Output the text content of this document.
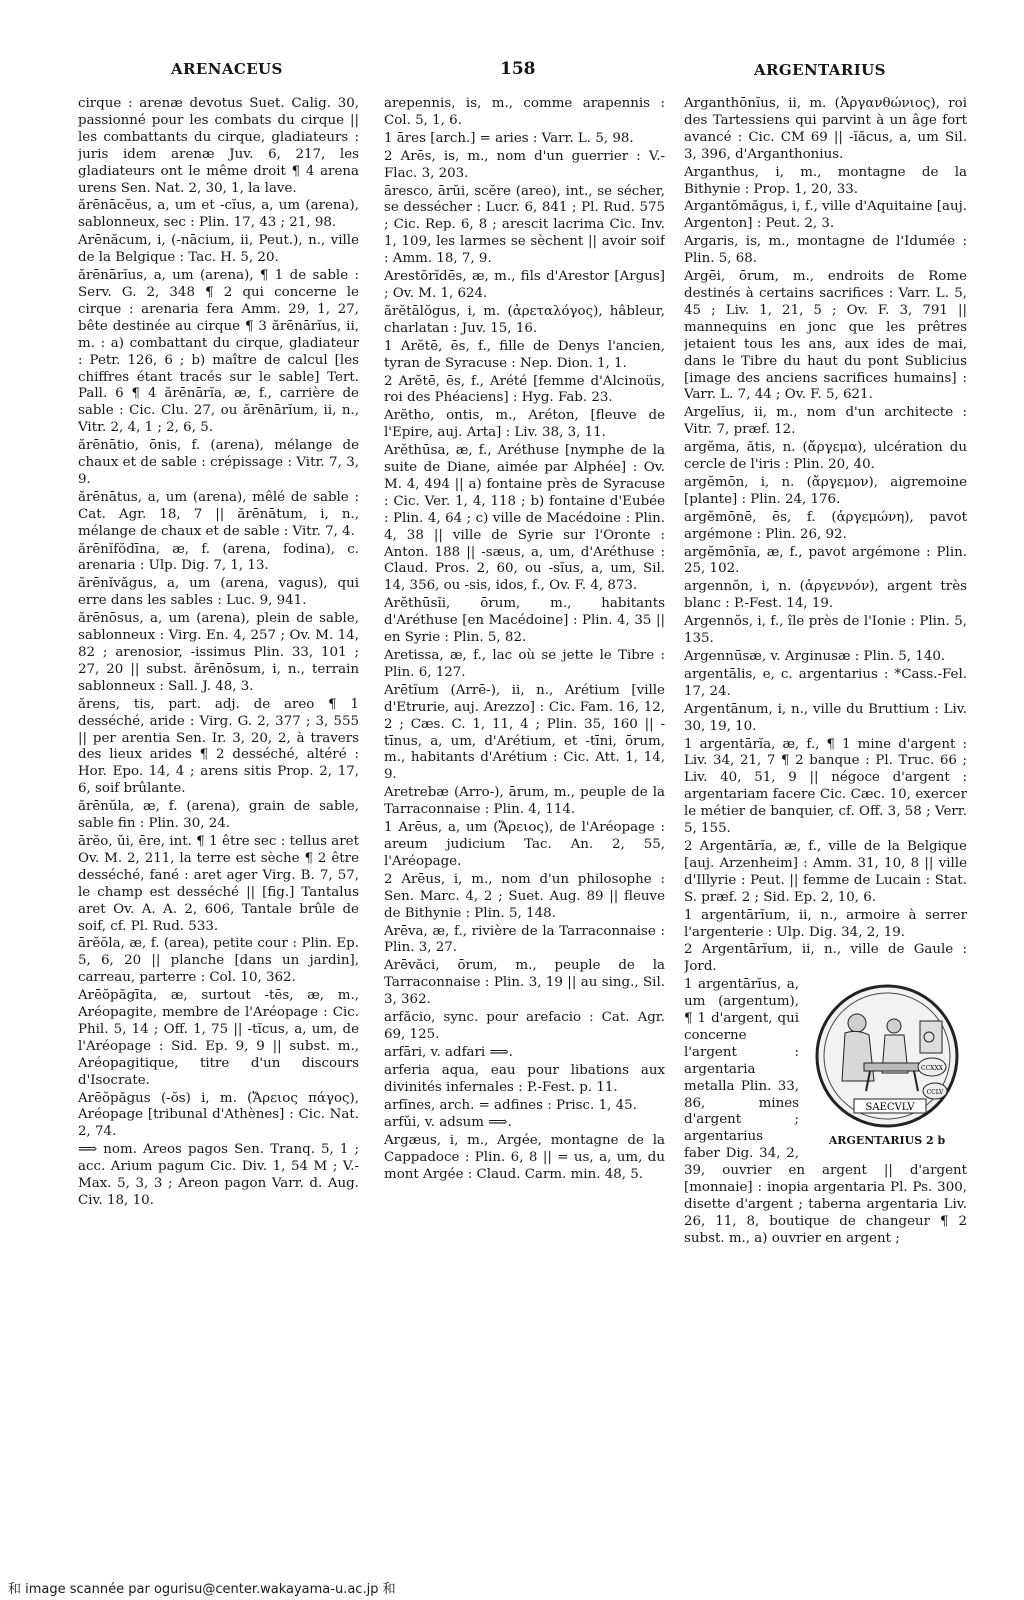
ARENACEUS	158	ARGENTARIUS

cirque : arenæ devotus Suet. Calig. 30, passionné pour les combats du cirque || les combattants du cirque, gladiateurs : juris idem arenæ Juv. 6, 217, les gladiateurs ont le même droit ¶ 4 arena urens Sen. Nat. 2, 30, 1, la lave.

ărēnācĕus, a, um et -cĭus, a, um (arena), sablonneux, sec : Plin. 17, 43 ; 21, 98.

Arēnăcum, i, (-nācium, ii, Peut.), n., ville de la Belgique : Tac. H. 5, 20.

ărēnārĭus, a, um (arena), ¶ 1 de sable : Serv. G. 2, 348 ¶ 2 qui concerne le cirque : arenaria fera Amm. 29, 1, 27, bête destinée au cirque ¶ 3 ărēnārĭus, ii, m. : a) combattant du cirque, gladiateur : Petr. 126, 6 ; b) maître de calcul [les chiffres étant tracés sur le sable] Tert. Pall. 6 ¶ 4 ărēnārĭa, æ, f., carrière de sable : Cic. Clu. 27, ou ărēnārĭum, ii, n., Vitr. 2, 4, 1 ; 2, 6, 5.

ărēnātio, ōnis, f. (arena), mélange de chaux et de sable : crépissage : Vitr. 7, 3, 9.

ărēnātus, a, um (arena), mêlé de sable : Cat. Agr. 18, 7 || ărēnātum, i, n., mélange de chaux et de sable : Vitr. 7, 4.

ărēnĭfŏdīna, æ, f. (arena, fodina), c. arenaria : Ulp. Dig. 7, 1, 13.

ărēnĭvăgus, a, um (arena, vagus), qui erre dans les sables : Luc. 9, 941.

ărēnōsus, a, um (arena), plein de sable, sablonneux : Virg. En. 4, 257 ; Ov. M. 14, 82 ; arenosior, -issimus Plin. 33, 101 ; 27, 20 || subst. ărēnōsum, i, n., terrain sablonneux : Sall. J. 48, 3.

ărens, tis, part. adj. de areo ¶ 1 desséché, aride : Virg. G. 2, 377 ; 3, 555 || per arentia Sen. Ir. 3, 20, 2, à travers des lieux arides ¶ 2 desséché, altéré : Hor. Epo. 14, 4 ; arens sitis Prop. 2, 17, 6, soif brûlante.

ărēnŭla, æ, f. (arena), grain de sable, sable fin : Plin. 30, 24.

ārĕo, ŭi, ēre, int. ¶ 1 être sec : tellus aret Ov. M. 2, 211, la terre est sèche ¶ 2 être desséché, fané : aret ager Virg. B. 7, 57, le champ est desséché || [fig.] Tantalus aret Ov. A. A. 2, 606, Tantale brûle de soif, cf. Pl. Rud. 533.

ārĕŏla, æ, f. (area), petite cour : Plin. Ep. 5, 6, 20 || planche [dans un jardin], carreau, parterre : Col. 10, 362.

Arēŏpăgīta, æ, surtout -tēs, æ, m., Aréopagite, membre de l'Aréopage : Cic. Phil. 5, 14 ; Off. 1, 75 || -tĭcus, a, um, de l'Aréopage : Sid. Ep. 9, 9 || subst. m., Aréopagitique, titre d'un discours d'Isocrate.

Arēŏpăgus (-ŏs) i, m. (Ἄρειος πάγος), Aréopage [tribunal d'Athènes] : Cic. Nat. 2, 74.

⟹ nom. Areos pagos Sen. Tranq. 5, 1 ; acc. Arium pagum Cic. Div. 1, 54 M ; V.-Max. 5, 3, 3 ; Areon pagon Varr. d. Aug. Civ. 18, 10.

arepennis, is, m., comme arapennis : Col. 5, 1, 6.

1 āres [arch.] = aries : Varr. L. 5, 98.

2 Arēs, is, m., nom d'un guerrier : V.-Flac. 3, 203.

āresco, ārŭi, scĕre (areo), int., se sécher, se dessécher : Lucr. 6, 841 ; Pl. Rud. 575 ; Cic. Rep. 6, 8 ; arescit lacrima Cic. Inv. 1, 109, les larmes se sèchent || avoir soif : Amm. 18, 7, 9.

Arestŏrĭdēs, æ, m., fils d'Arestor [Argus] ; Ov. M. 1, 624.

ărĕtālŏgus, i, m. (ἀρεταλόγος), hâbleur, charlatan : Juv. 15, 16.

1 Arĕtē, ēs, f., fille de Denys l'ancien, tyran de Syracuse : Nep. Dion. 1, 1.

2 Arĕtē, ēs, f., Arété [femme d'Alcinoüs, roi des Phéaciens] : Hyg. Fab. 23.

Arĕtho, ontis, m., Aréton, [fleuve de l'Epire, auj. Arta] : Liv. 38, 3, 11.

Arĕthūsa, æ, f., Aréthuse [nymphe de la suite de Diane, aimée par Alphée] : Ov. M. 4, 494 || a) fontaine près de Syracuse : Cic. Ver. 1, 4, 118 ; b) fontaine d'Eubée : Plin. 4, 64 ; c) ville de Macédoine : Plin. 4, 38 || ville de Syrie sur l'Oronte : Anton. 188 || -sæus, a, um, d'Aréthuse : Claud. Pros. 2, 60, ou -sĭus, a, um, Sil. 14, 356, ou -sis, idos, f., Ov. F. 4, 873.

Arĕthūsĭi, ōrum, m., habitants d'Aréthuse [en Macédoine] : Plin. 4, 35 || en Syrie : Plin. 5, 82.

Aretissa, æ, f., lac où se jette le Tibre : Plin. 6, 127.

Arētĭum (Arrē-), ii, n., Arétium [ville d'Etrurie, auj. Arezzo] : Cic. Fam. 16, 12, 2 ; Cæs. C. 1, 11, 4 ; Plin. 35, 160 || -tīnus, a, um, d'Arétium, et -tīni, ōrum, m., habitants d'Arétium : Cic. Att. 1, 14, 9.

Aretrebæ (Arro-), ārum, m., peuple de la Tarraconnaise : Plin. 4, 114.

1 Arēus, a, um (Ἄρειος), de l'Aréopage : areum judicium Tac. An. 2, 55, l'Aréopage.

2 Arēus, i, m., nom d'un philosophe : Sen. Marc. 4, 2 ; Suet. Aug. 89 || fleuve de Bithynie : Plin. 5, 148.

Arēva, æ, f., rivière de la Tarraconnaise : Plin. 3, 27.

Arēvăci, ōrum, m., peuple de la Tarraconnaise : Plin. 3, 19 || au sing., Sil. 3, 362.

arfăcio, sync. pour arefacio : Cat. Agr. 69, 125.

arfāri, v. adfari ⟹.

arferia aqua, eau pour libations aux divinités infernales : P.-Fest. p. 11.

arfĭnes, arch. = adfines : Prisc. 1, 45.

arfŭi, v. adsum ⟹.

Argæus, i, m., Argée, montagne de la Cappadoce : Plin. 6, 8 || = us, a, um, du mont Argée : Claud. Carm. min. 48, 5.

Arganthōnĭus, ii, m. (Ἀργανθώνιος), roi des Tartessiens qui parvint à un âge fort avancé : Cic. CM 69 || -ĭăcus, a, um Sil. 3, 396, d'Arganthonius.

Arganthus, i, m., montagne de la Bithynie : Prop. 1, 20, 33.

Argantŏmăgus, i, f., ville d'Aquitaine [auj. Argenton] : Peut. 2, 3.

Argaris, is, m., montagne de l'Idumée : Plin. 5, 68.

Argēi, ōrum, m., endroits de Rome destinés à certains sacrifices : Varr. L. 5, 45 ; Liv. 1, 21, 5 ; Ov. F. 3, 791 || mannequins en jonc que les prêtres jetaient tous les ans, aux ides de mai, dans le Tibre du haut du pont Sublicius [image des anciens sacrifices humains] : Varr. L. 7, 44 ; Ov. F. 5, 621.

Argelĭus, ii, m., nom d'un architecte : Vitr. 7, præf. 12.

argĕma, ătis, n. (ἄργεμα), ulcération du cercle de l'iris : Plin. 20, 40.

argĕmōn, i, n. (ἄργεμον), aigremoine [plante] : Plin. 24, 176.

argĕmōnē, ēs, f. (ἀργεμώνη), pavot argémone : Plin. 26, 92.

argĕmōnĭa, æ, f., pavot argémone : Plin. 25, 102.

argennŏn, i, n. (ἀργεννόν), argent très blanc : P.-Fest. 14, 19.

Argennŏs, i, f., île près de l'Ionie : Plin. 5, 135.

Argennūsæ, v. Arginusæ : Plin. 5, 140.

argentālis, e, c. argentarius : *Cass.-Fel. 17, 24.

Argentānum, i, n., ville du Bruttium : Liv. 30, 19, 10.

1 argentārĭa, æ, f., ¶ 1 mine d'argent : Liv. 34, 21, 7 ¶ 2 banque : Pl. Truc. 66 ; Liv. 40, 51, 9 || négoce d'argent : argentariam facere Cic. Cæc. 10, exercer le métier de banquier, cf. Off. 3, 58 ; Verr. 5, 155.

2 Argentārĭa, æ, f., ville de la Belgique [auj. Arzenheim] : Amm. 31, 10, 8 || ville d'Illyrie : Peut. || femme de Lucain : Stat. S. præf. 2 ; Sid. Ep. 2, 10, 6.

1 argentārĭum, ii, n., armoire à serrer l'argenterie : Ulp. Dig. 34, 2, 19.

2 Argentārĭum, ii, n., ville de Gaule : Jord.

CCXXX
CCLV
SAECVLV
ARGENTARIUS 2 b

1 argentārĭus, a, um (argentum), ¶ 1 d'argent, qui concerne l'argent : argentaria metalla Plin. 33, 86, mines d'argent ; argentarius faber Dig. 34, 2, 39, ouvrier en argent || d'argent [monnaie] : inopia argentaria Pl. Ps. 300, disette d'argent ; taberna argentaria Liv. 26, 11, 8, boutique de changeur ¶ 2 subst. m., a) ouvrier en argent ;

和 image scannée par ogurisu@center.wakayama-u.ac.jp 和
